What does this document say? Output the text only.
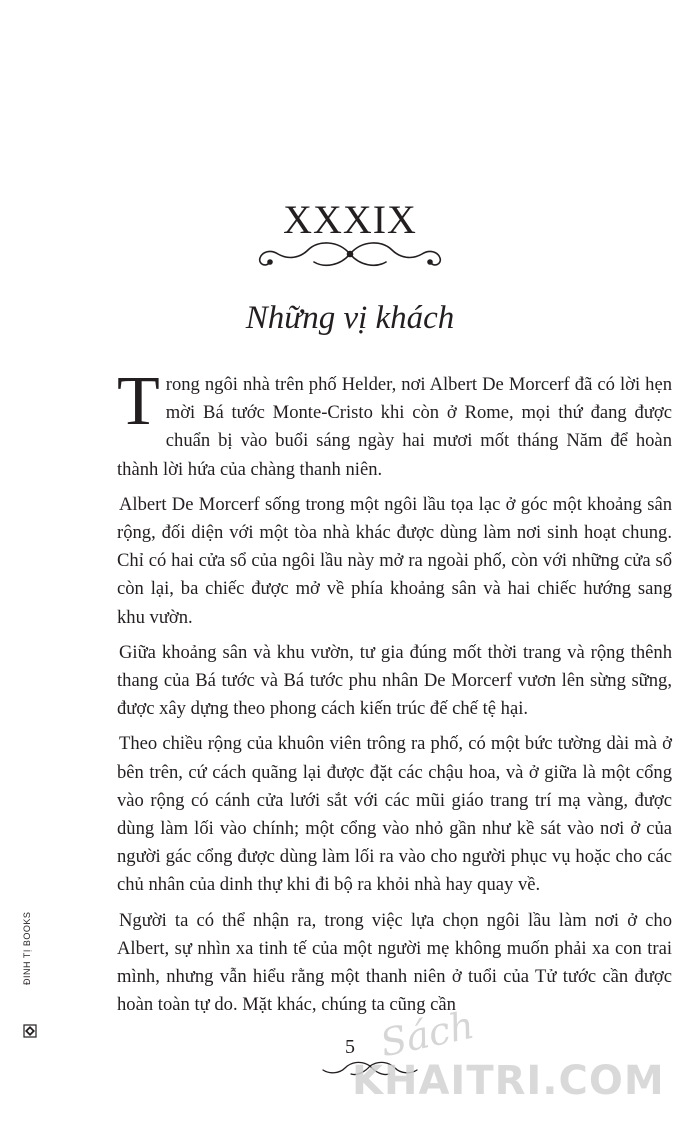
XXXIX
Những vị khách

Trong ngôi nhà trên phố Helder, nơi Albert De Morcerf đã có lời hẹn mời Bá tước Monte-Cristo khi còn ở Rome, mọi thứ đang được chuẩn bị vào buổi sáng ngày hai mươi mốt tháng Năm để hoàn thành lời hứa của chàng thanh niên.

Albert De Morcerf sống trong một ngôi lầu tọa lạc ở góc một khoảng sân rộng, đối diện với một tòa nhà khác được dùng làm nơi sinh hoạt chung. Chỉ có hai cửa sổ của ngôi lầu này mở ra ngoài phố, còn với những cửa sổ còn lại, ba chiếc được mở về phía khoảng sân và hai chiếc hướng sang khu vườn.

Giữa khoảng sân và khu vườn, tư gia đúng mốt thời trang và rộng thênh thang của Bá tước và Bá tước phu nhân De Morcerf vươn lên sừng sững, được xây dựng theo phong cách kiến trúc đế chế tệ hại.

Theo chiều rộng của khuôn viên trông ra phố, có một bức tường dài mà ở bên trên, cứ cách quãng lại được đặt các chậu hoa, và ở giữa là một cổng vào rộng có cánh cửa lưới sắt với các mũi giáo trang trí mạ vàng, được dùng làm lối vào chính; một cổng vào nhỏ gần như kề sát vào nơi ở của người gác cổng được dùng làm lối ra vào cho người phục vụ hoặc cho các chủ nhân của dinh thự khi đi bộ ra khỏi nhà hay quay về.

Người ta có thể nhận ra, trong việc lựa chọn ngôi lầu làm nơi ở cho Albert, sự nhìn xa tinh tế của một người mẹ không muốn phải xa con trai mình, nhưng vẫn hiểu rằng một thanh niên ở tuổi của Tử tước cần được hoàn toàn tự do. Mặt khác, chúng ta cũng cần

ĐINH TỊ BOOKS
5 Sách
KHAITRI.COM
